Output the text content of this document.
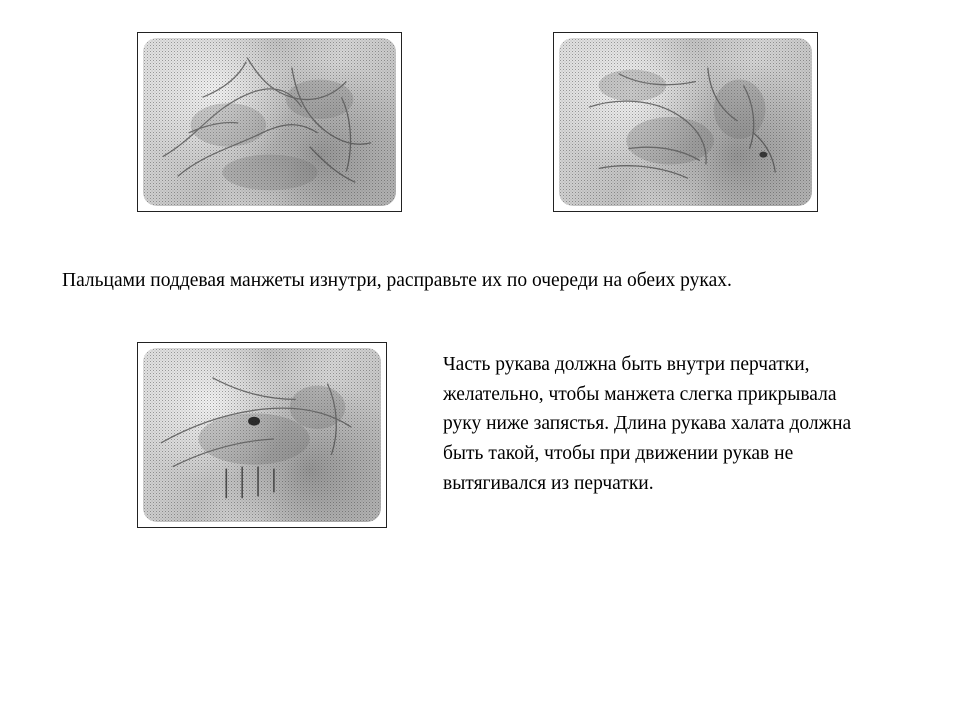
Пальцами поддевая манжеты изнутри, расправьте их по очереди на обеих руках.

Часть рукава должна быть внутри перчатки, желательно, чтобы манжета слегка прикрывала руку ниже запястья. Длина рукава халата должна быть такой, чтобы при движении рукав не вытягивался из перчатки.
